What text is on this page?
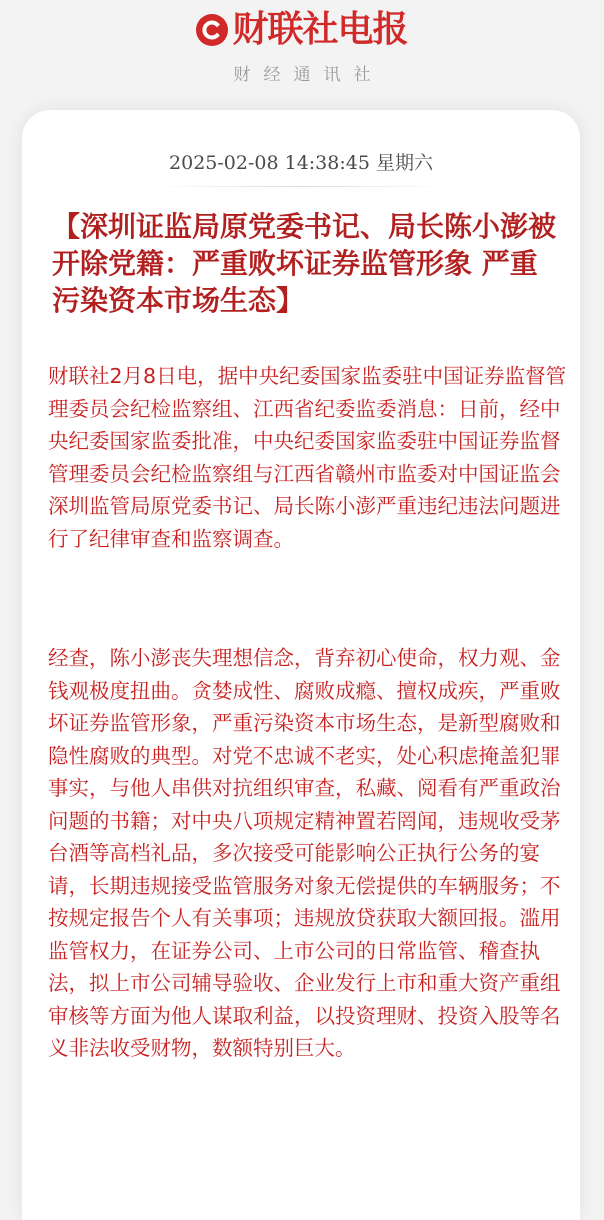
财联社电报
财经通讯社
2025-02-08 14:38:45 星期六
【深圳证监局原党委书记、局长陈小澎被开除党籍：严重败坏证券监管形象 严重污染资本市场生态】

财联社2月8日电，据中央纪委国家监委驻中国证券监督管理委员会纪检监察组、江西省纪委监委消息：日前，经中央纪委国家监委批准，中央纪委国家监委驻中国证券监督管理委员会纪检监察组与江西省赣州市监委对中国证监会深圳监管局原党委书记、局长陈小澎严重违纪违法问题进行了纪律审查和监察调查。

经查，陈小澎丧失理想信念，背弃初心使命，权力观、金钱观极度扭曲。贪婪成性、腐败成瘾、擅权成疾，严重败坏证券监管形象，严重污染资本市场生态，是新型腐败和隐性腐败的典型。对党不忠诚不老实，处心积虑掩盖犯罪事实，与他人串供对抗组织审查，私藏、阅看有严重政治问题的书籍；对中央八项规定精神置若罔闻，违规收受茅台酒等高档礼品，多次接受可能影响公正执行公务的宴请，长期违规接受监管服务对象无偿提供的车辆服务；不按规定报告个人有关事项；违规放贷获取大额回报。滥用监管权力，在证券公司、上市公司的日常监管、稽查执法，拟上市公司辅导验收、企业发行上市和重大资产重组审核等方面为他人谋取利益，以投资理财、投资入股等名义非法收受财物，数额特别巨大。
